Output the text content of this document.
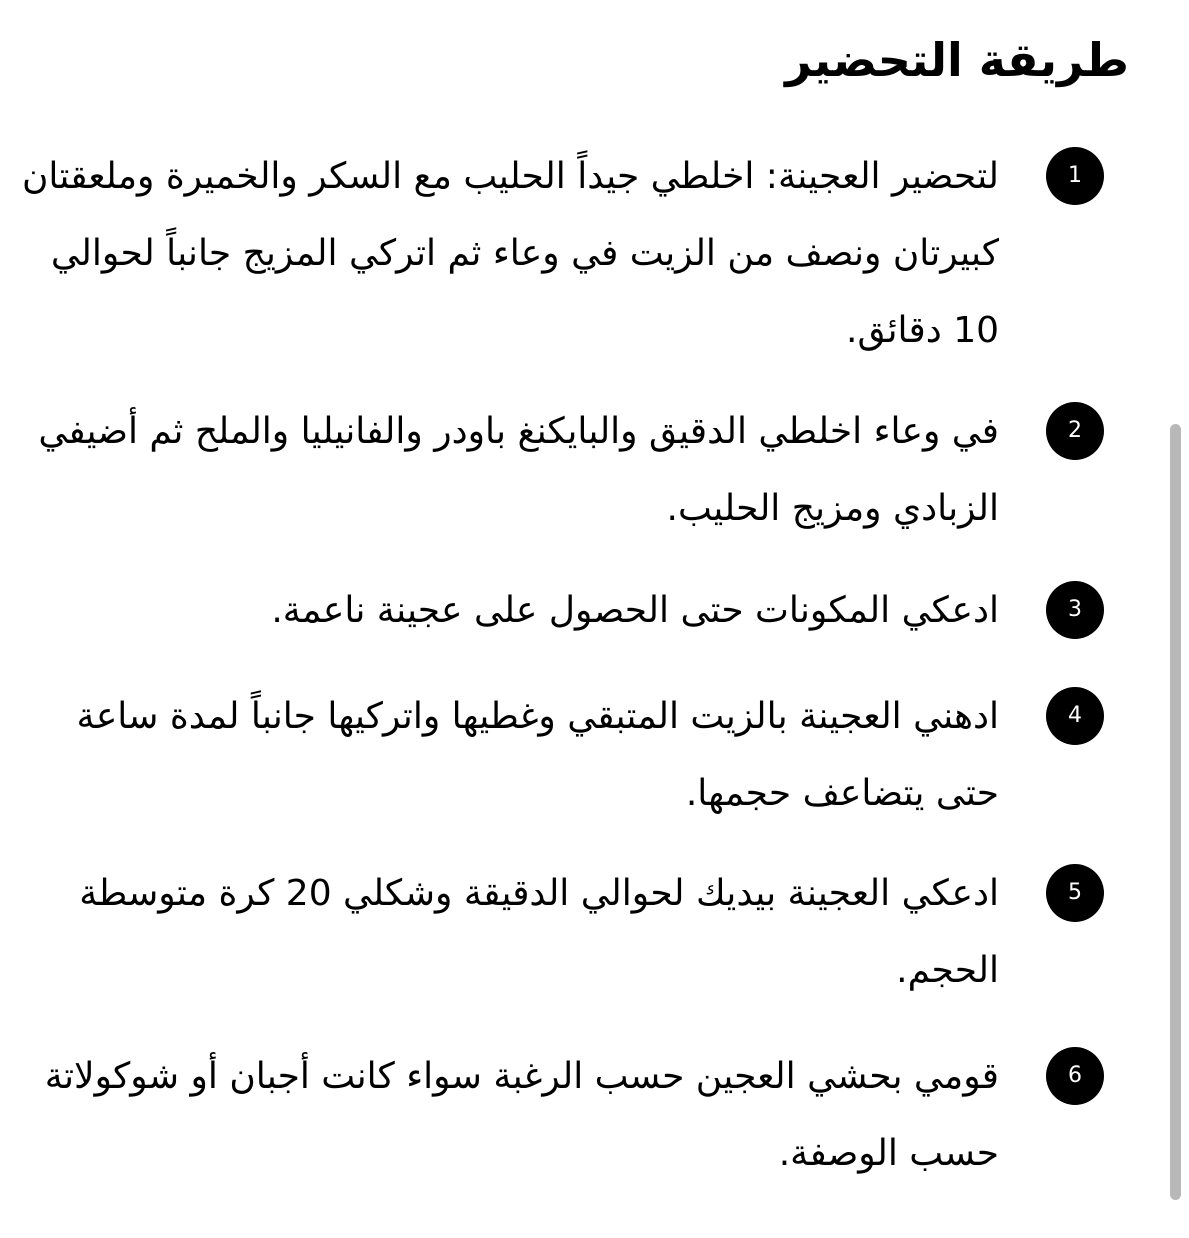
طريقة التحضير
1
لتحضير العجينة: اخلطي جيداً الحليب مع السكر والخميرة وملعقتان كبيرتان ونصف من الزيت في وعاء ثم اتركي المزيج جانباً لحوالي 10 دقائق.
2
في وعاء اخلطي الدقيق والبايكنغ باودر والفانيليا والملح ثم أضيفي الزبادي ومزيج الحليب.
3
ادعكي المكونات حتى الحصول على عجينة ناعمة.
4
ادهني العجينة بالزيت المتبقي وغطيها واتركيها جانباً لمدة ساعة حتى يتضاعف حجمها.
5
ادعكي العجينة بيديك لحوالي الدقيقة وشكلي 20 كرة متوسطة الحجم.
6
قومي بحشي العجين حسب الرغبة سواء كانت أجبان أو شوكولاتة حسب الوصفة.
